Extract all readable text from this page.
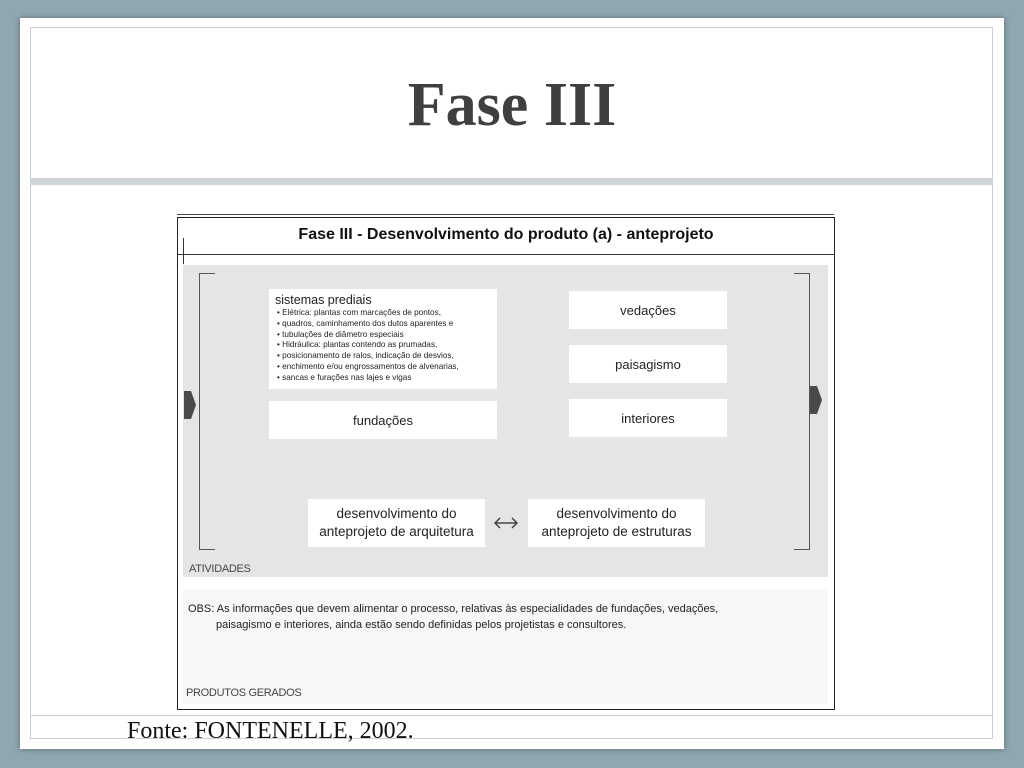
Fase III
Fase III - Desenvolvimento do produto (a) - anteprojeto
sistemas prediais
• Elétrica: plantas com marcações de pontos,
• quadros, caminhamento dos dutos aparentes e
• tubulações de diâmetro especiais
• Hidráulica: plantas contendo as prumadas,
• posicionamento de ralos, indicação de desvios,
• enchimento e/ou engrossamentos de alvenarias,
• sancas e furações nas lajes e vigas
fundações
vedações
paisagismo
interiores
desenvolvimento do
anteprojeto de arquitetura
desenvolvimento do
anteprojeto de estruturas
ATIVIDADES
PRODUTOS GERADOS
OBS: As informações que devem alimentar o processo, relativas às especialidades de fundações, vedações,
paisagismo e interiores, ainda estão sendo definidas pelos projetistas e consultores.
Fonte: FONTENELLE, 2002.
